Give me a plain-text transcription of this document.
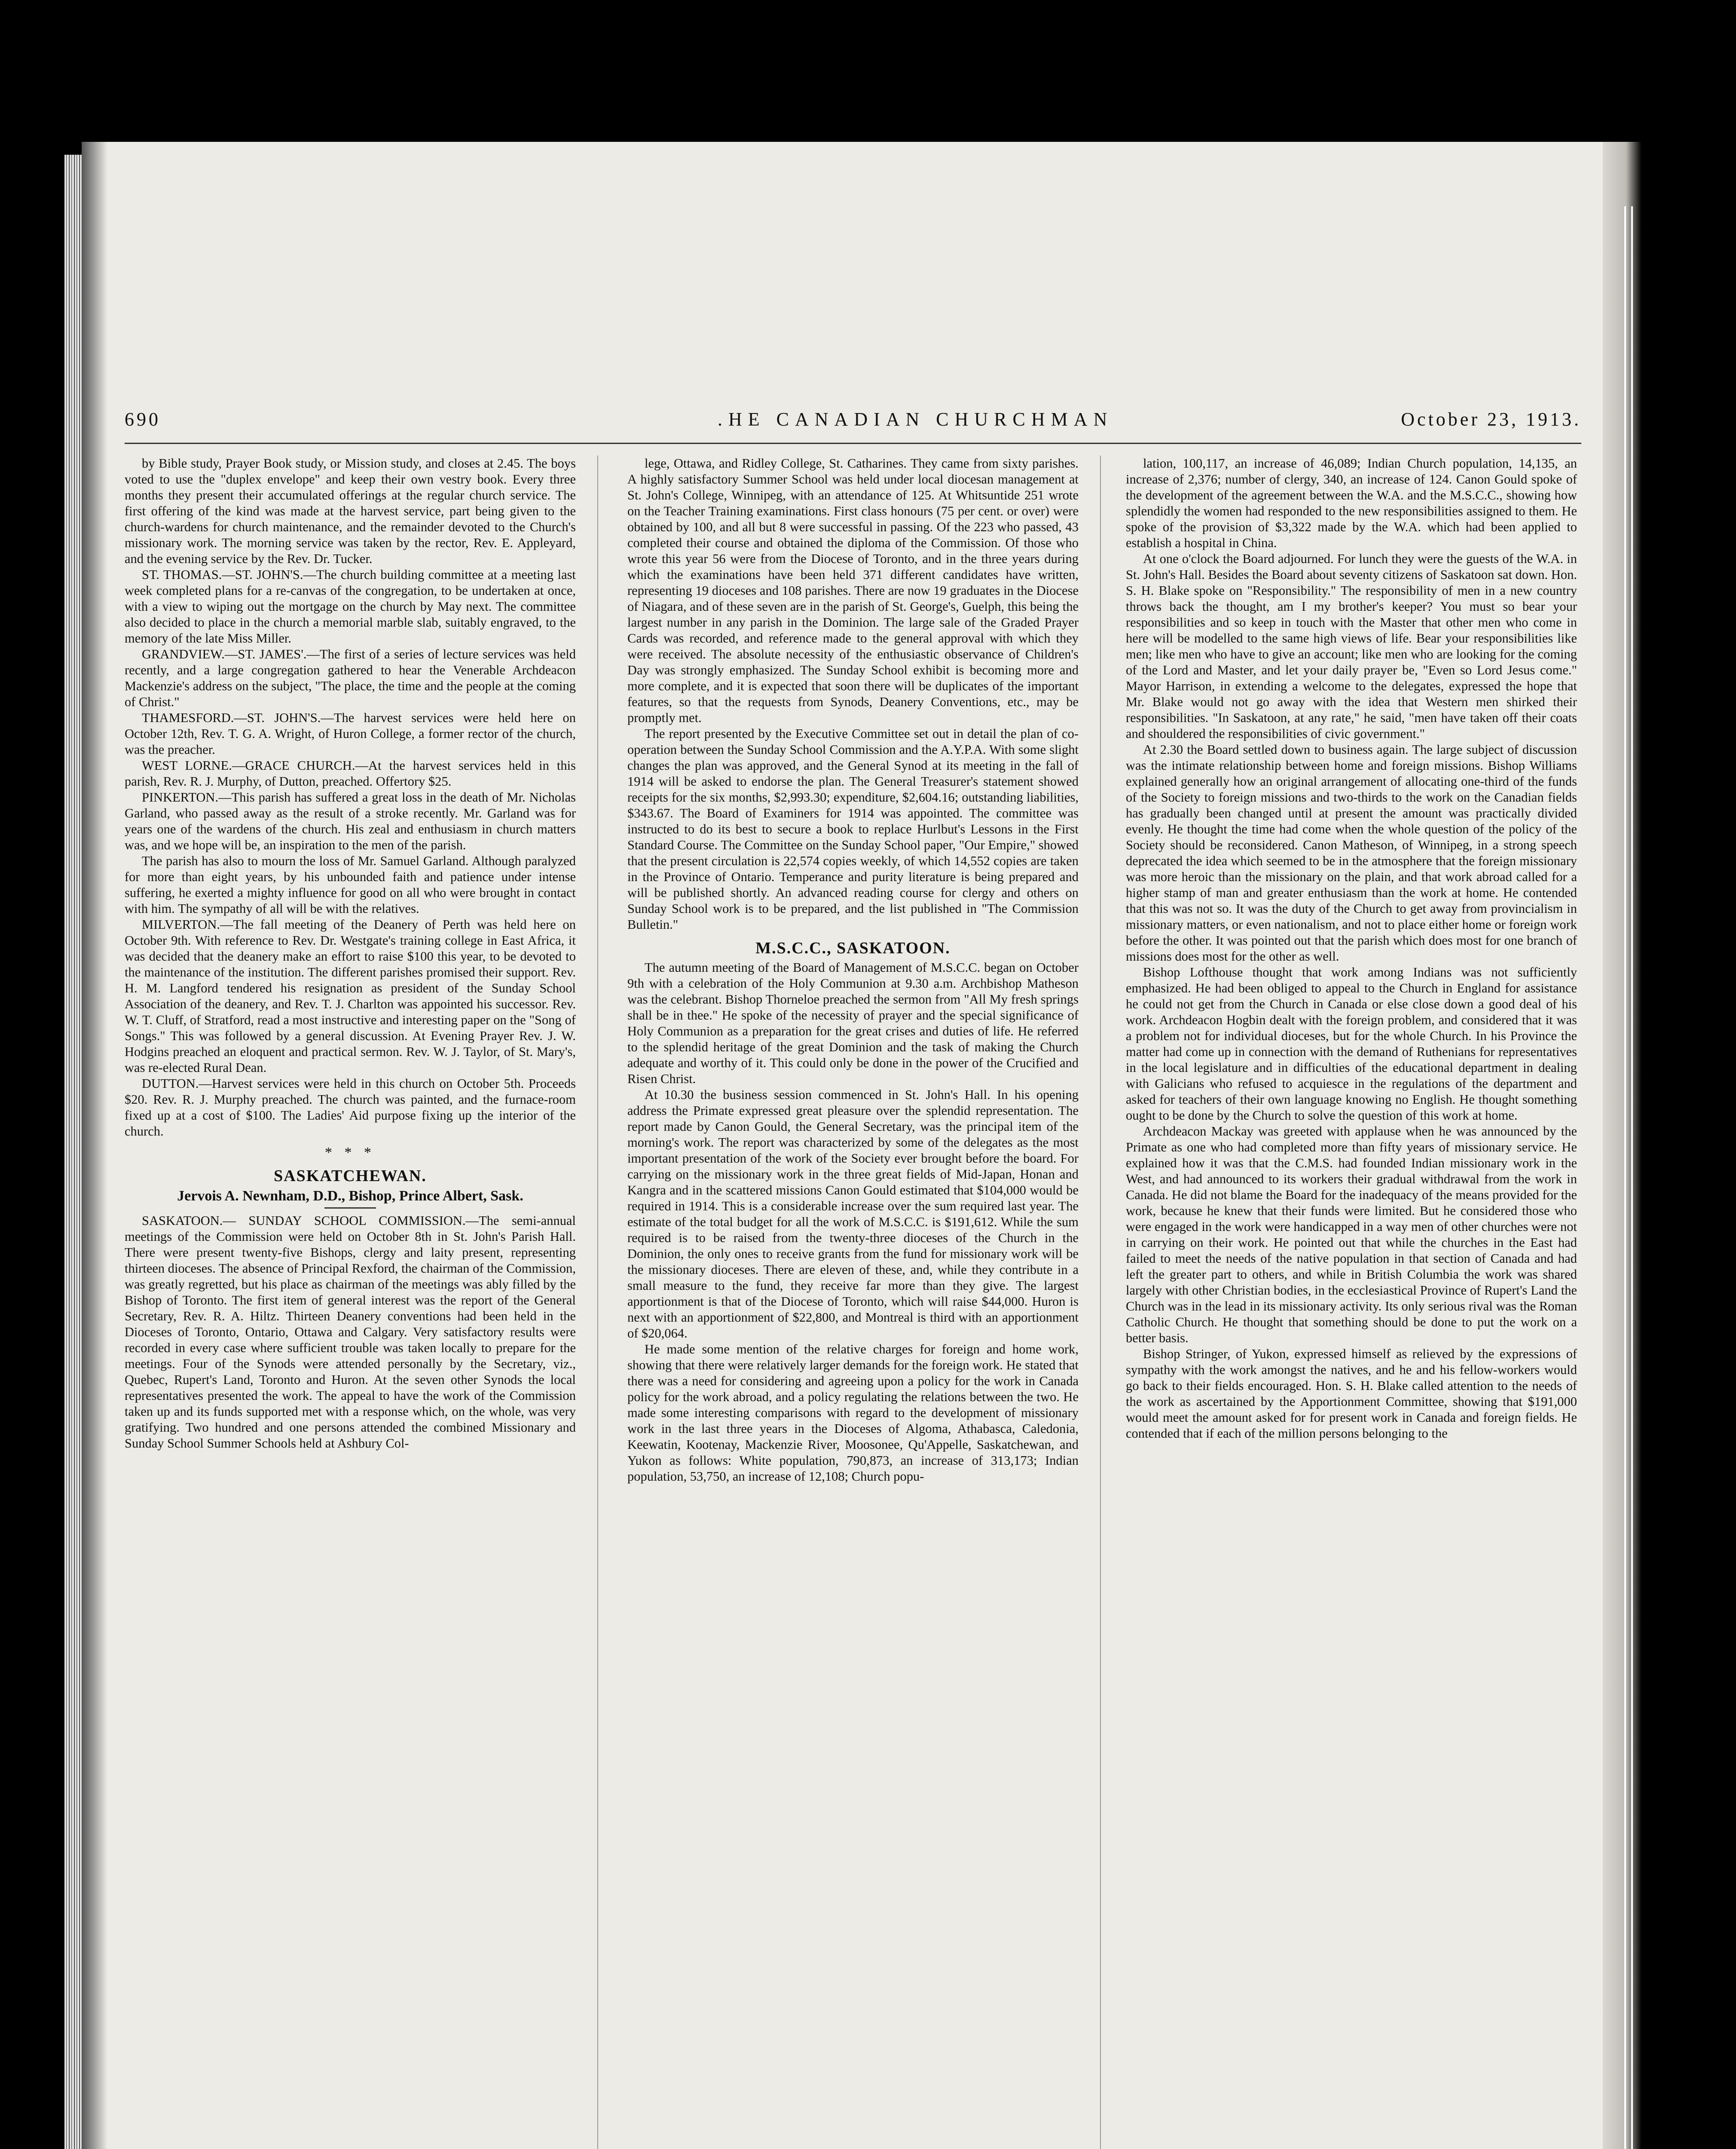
690	.HE CANADIAN CHURCHMAN	October 23, 1913.

by Bible study, Prayer Book study, or Mission study, and closes at 2.45. The boys voted to use the "duplex envelope" and keep their own vestry book. Every three months they present their accumulated offerings at the regular church service. The first offering of the kind was made at the harvest service, part being given to the church-wardens for church maintenance, and the remainder devoted to the Church's missionary work. The morning service was taken by the rector, Rev. E. Appleyard, and the evening service by the Rev. Dr. Tucker.

ST. THOMAS.—ST. JOHN'S.—The church building committee at a meeting last week completed plans for a re-canvas of the congregation, to be undertaken at once, with a view to wiping out the mortgage on the church by May next. The committee also decided to place in the church a memorial marble slab, suitably engraved, to the memory of the late Miss Miller.

GRANDVIEW.—ST. JAMES'.—The first of a series of lecture services was held recently, and a large congregation gathered to hear the Venerable Archdeacon Mackenzie's address on the subject, "The place, the time and the people at the coming of Christ."

THAMESFORD.—ST. JOHN'S.—The harvest services were held here on October 12th, Rev. T. G. A. Wright, of Huron College, a former rector of the church, was the preacher.

WEST LORNE.—GRACE CHURCH.—At the harvest services held in this parish, Rev. R. J. Murphy, of Dutton, preached. Offertory $25.

PINKERTON.—This parish has suffered a great loss in the death of Mr. Nicholas Garland, who passed away as the result of a stroke recently. Mr. Garland was for years one of the wardens of the church. His zeal and enthusiasm in church matters was, and we hope will be, an inspiration to the men of the parish.

The parish has also to mourn the loss of Mr. Samuel Garland. Although paralyzed for more than eight years, by his unbounded faith and patience under intense suffering, he exerted a mighty influence for good on all who were brought in contact with him. The sympathy of all will be with the relatives.

MILVERTON.—The fall meeting of the Deanery of Perth was held here on October 9th. With reference to Rev. Dr. Westgate's training college in East Africa, it was decided that the deanery make an effort to raise $100 this year, to be devoted to the maintenance of the institution. The different parishes promised their support. Rev. H. M. Langford tendered his resignation as president of the Sunday School Association of the deanery, and Rev. T. J. Charlton was appointed his successor. Rev. W. T. Cluff, of Stratford, read a most instructive and interesting paper on the "Song of Songs." This was followed by a general discussion. At Evening Prayer Rev. J. W. Hodgins preached an eloquent and practical sermon. Rev. W. J. Taylor, of St. Mary's, was re-elected Rural Dean.

DUTTON.—Harvest services were held in this church on October 5th. Proceeds $20. Rev. R. J. Murphy preached. The church was painted, and the furnace-room fixed up at a cost of $100. The Ladies' Aid purpose fixing up the interior of the church.

* * *

SASKATCHEWAN.

Jervois A. Newnham, D.D., Bishop, Prince Albert, Sask.

SASKATOON.— SUNDAY SCHOOL COMMISSION.—The semi-annual meetings of the Commission were held on October 8th in St. John's Parish Hall. There were present twenty-five Bishops, clergy and laity present, representing thirteen dioceses. The absence of Principal Rexford, the chairman of the Commission, was greatly regretted, but his place as chairman of the meetings was ably filled by the Bishop of Toronto. The first item of general interest was the report of the General Secretary, Rev. R. A. Hiltz. Thirteen Deanery conventions had been held in the Dioceses of Toronto, Ontario, Ottawa and Calgary. Very satisfactory results were recorded in every case where sufficient trouble was taken locally to prepare for the meetings. Four of the Synods were attended personally by the Secretary, viz., Quebec, Rupert's Land, Toronto and Huron. At the seven other Synods the local representatives presented the work. The appeal to have the work of the Commission taken up and its funds supported met with a response which, on the whole, was very gratifying. Two hundred and one persons attended the combined Missionary and Sunday School Summer Schools held at Ashbury Col-

lege, Ottawa, and Ridley College, St. Catharines. They came from sixty parishes. A highly satisfactory Summer School was held under local diocesan management at St. John's College, Winnipeg, with an attendance of 125. At Whitsuntide 251 wrote on the Teacher Training examinations. First class honours (75 per cent. or over) were obtained by 100, and all but 8 were successful in passing. Of the 223 who passed, 43 completed their course and obtained the diploma of the Commission. Of those who wrote this year 56 were from the Diocese of Toronto, and in the three years during which the examinations have been held 371 different candidates have written, representing 19 dioceses and 108 parishes. There are now 19 graduates in the Diocese of Niagara, and of these seven are in the parish of St. George's, Guelph, this being the largest number in any parish in the Dominion. The large sale of the Graded Prayer Cards was recorded, and reference made to the general approval with which they were received. The absolute necessity of the enthusiastic observance of Children's Day was strongly emphasized. The Sunday School exhibit is becoming more and more complete, and it is expected that soon there will be duplicates of the important features, so that the requests from Synods, Deanery Conventions, etc., may be promptly met.

The report presented by the Executive Committee set out in detail the plan of co-operation between the Sunday School Commission and the A.Y.P.A. With some slight changes the plan was approved, and the General Synod at its meeting in the fall of 1914 will be asked to endorse the plan. The General Treasurer's statement showed receipts for the six months, $2,993.30; expenditure, $2,604.16; outstanding liabilities, $343.67. The Board of Examiners for 1914 was appointed. The committee was instructed to do its best to secure a book to replace Hurlbut's Lessons in the First Standard Course. The Committee on the Sunday School paper, "Our Empire," showed that the present circulation is 22,574 copies weekly, of which 14,552 copies are taken in the Province of Ontario. Temperance and purity literature is being prepared and will be published shortly. An advanced reading course for clergy and others on Sunday School work is to be prepared, and the list published in "The Commission Bulletin."

M.S.C.C., SASKATOON.

The autumn meeting of the Board of Management of M.S.C.C. began on October 9th with a celebration of the Holy Communion at 9.30 a.m. Archbishop Matheson was the celebrant. Bishop Thorneloe preached the sermon from "All My fresh springs shall be in thee." He spoke of the necessity of prayer and the special significance of Holy Communion as a preparation for the great crises and duties of life. He referred to the splendid heritage of the great Dominion and the task of making the Church adequate and worthy of it. This could only be done in the power of the Crucified and Risen Christ.

At 10.30 the business session commenced in St. John's Hall. In his opening address the Primate expressed great pleasure over the splendid representation. The report made by Canon Gould, the General Secretary, was the principal item of the morning's work. The report was characterized by some of the delegates as the most important presentation of the work of the Society ever brought before the board. For carrying on the missionary work in the three great fields of Mid-Japan, Honan and Kangra and in the scattered missions Canon Gould estimated that $104,000 would be required in 1914. This is a considerable increase over the sum required last year. The estimate of the total budget for all the work of M.S.C.C. is $191,612. While the sum required is to be raised from the twenty-three dioceses of the Church in the Dominion, the only ones to receive grants from the fund for missionary work will be the missionary dioceses. There are eleven of these, and, while they contribute in a small measure to the fund, they receive far more than they give. The largest apportionment is that of the Diocese of Toronto, which will raise $44,000. Huron is next with an apportionment of $22,800, and Montreal is third with an apportionment of $20,064.

He made some mention of the relative charges for foreign and home work, showing that there were relatively larger demands for the foreign work. He stated that there was a need for considering and agreeing upon a policy for the work in Canada policy for the work abroad, and a policy regulating the relations between the two. He made some interesting comparisons with regard to the development of missionary work in the last three years in the Dioceses of Algoma, Athabasca, Caledonia, Keewatin, Kootenay, Mackenzie River, Moosonee, Qu'Appelle, Saskatchewan, and Yukon as follows: White population, 790,873, an increase of 313,173; Indian population, 53,750, an increase of 12,108; Church popu-

lation, 100,117, an increase of 46,089; Indian Church population, 14,135, an increase of 2,376; number of clergy, 340, an increase of 124. Canon Gould spoke of the development of the agreement between the W.A. and the M.S.C.C., showing how splendidly the women had responded to the new responsibilities assigned to them. He spoke of the provision of $3,322 made by the W.A. which had been applied to establish a hospital in China.

At one o'clock the Board adjourned. For lunch they were the guests of the W.A. in St. John's Hall. Besides the Board about seventy citizens of Saskatoon sat down. Hon. S. H. Blake spoke on "Responsibility." The responsibility of men in a new country throws back the thought, am I my brother's keeper? You must so bear your responsibilities and so keep in touch with the Master that other men who come in here will be modelled to the same high views of life. Bear your responsibilities like men; like men who have to give an account; like men who are looking for the coming of the Lord and Master, and let your daily prayer be, "Even so Lord Jesus come." Mayor Harrison, in extending a welcome to the delegates, expressed the hope that Mr. Blake would not go away with the idea that Western men shirked their responsibilities. "In Saskatoon, at any rate," he said, "men have taken off their coats and shouldered the responsibilities of civic government."

At 2.30 the Board settled down to business again. The large subject of discussion was the intimate relationship between home and foreign missions. Bishop Williams explained generally how an original arrangement of allocating one-third of the funds of the Society to foreign missions and two-thirds to the work on the Canadian fields has gradually been changed until at present the amount was practically divided evenly. He thought the time had come when the whole question of the policy of the Society should be reconsidered. Canon Matheson, of Winnipeg, in a strong speech deprecated the idea which seemed to be in the atmosphere that the foreign missionary was more heroic than the missionary on the plain, and that work abroad called for a higher stamp of man and greater enthusiasm than the work at home. He contended that this was not so. It was the duty of the Church to get away from provincialism in missionary matters, or even nationalism, and not to place either home or foreign work before the other. It was pointed out that the parish which does most for one branch of missions does most for the other as well.

Bishop Lofthouse thought that work among Indians was not sufficiently emphasized. He had been obliged to appeal to the Church in England for assistance he could not get from the Church in Canada or else close down a good deal of his work. Archdeacon Hogbin dealt with the foreign problem, and considered that it was a problem not for individual dioceses, but for the whole Church. In his Province the matter had come up in connection with the demand of Ruthenians for representatives in the local legislature and in difficulties of the educational department in dealing with Galicians who refused to acquiesce in the regulations of the department and asked for teachers of their own language knowing no English. He thought something ought to be done by the Church to solve the question of this work at home.

Archdeacon Mackay was greeted with applause when he was announced by the Primate as one who had completed more than fifty years of missionary service. He explained how it was that the C.M.S. had founded Indian missionary work in the West, and had announced to its workers their gradual withdrawal from the work in Canada. He did not blame the Board for the inadequacy of the means provided for the work, because he knew that their funds were limited. But he considered those who were engaged in the work were handicapped in a way men of other churches were not in carrying on their work. He pointed out that while the churches in the East had failed to meet the needs of the native population in that section of Canada and had left the greater part to others, and while in British Columbia the work was shared largely with other Christian bodies, in the ecclesiastical Province of Rupert's Land the Church was in the lead in its missionary activity. Its only serious rival was the Roman Catholic Church. He thought that something should be done to put the work on a better basis.

Bishop Stringer, of Yukon, expressed himself as relieved by the expressions of sympathy with the work amongst the natives, and he and his fellow-workers would go back to their fields encouraged. Hon. S. H. Blake called attention to the needs of the work as ascertained by the Apportionment Committee, showing that $191,000 would meet the amount asked for for present work in Canada and foreign fields. He contended that if each of the million persons belonging to the
